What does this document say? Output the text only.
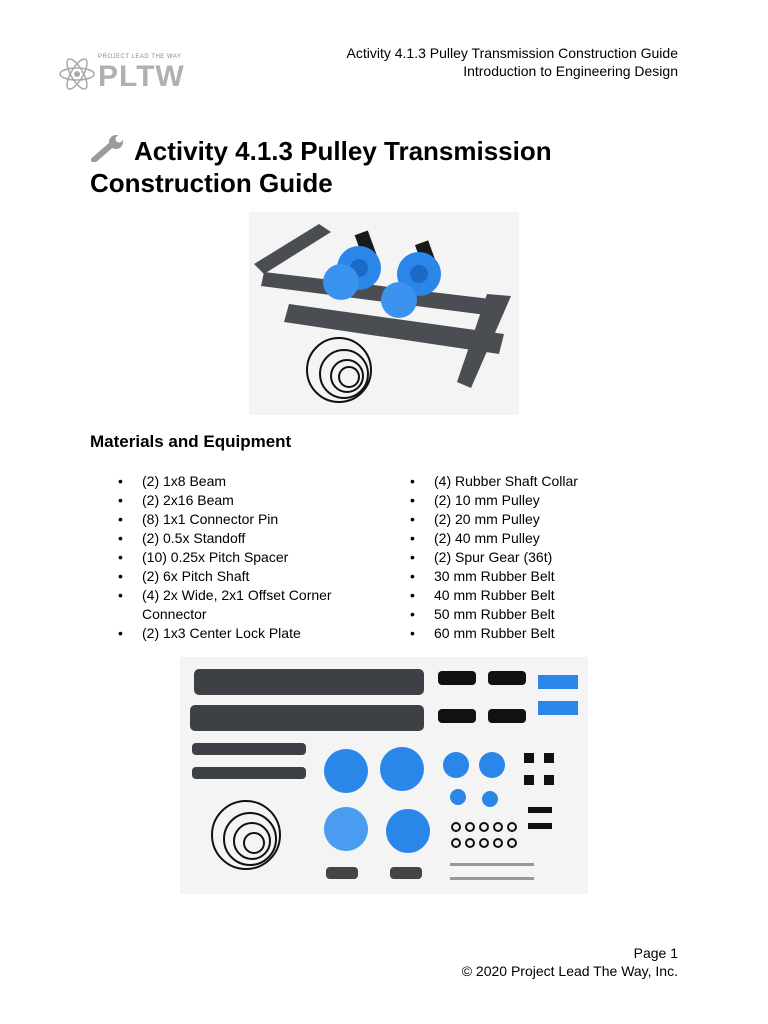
PROJECT LEAD THE WAY
PLTW
Activity 4.1.3 Pulley Transmission Construction Guide
Introduction to Engineering Design
Activity 4.1.3 Pulley Transmission Construction Guide
Materials and Equipment
• (2) 1x8 Beam
• (2) 2x16 Beam
• (8) 1x1 Connector Pin
• (2) 0.5x Standoff
• (10) 0.25x Pitch Spacer
• (2) 6x Pitch Shaft
• (4) 2x Wide, 2x1 Offset Corner Connector
• (2) 1x3 Center Lock Plate
• (4) Rubber Shaft Collar
• (2) 10 mm Pulley
• (2) 20 mm Pulley
• (2) 40 mm Pulley
• (2) Spur Gear (36t)
• 30 mm Rubber Belt
• 40 mm Rubber Belt
• 50 mm Rubber Belt
• 60 mm Rubber Belt
Page 1
© 2020 Project Lead The Way, Inc.
